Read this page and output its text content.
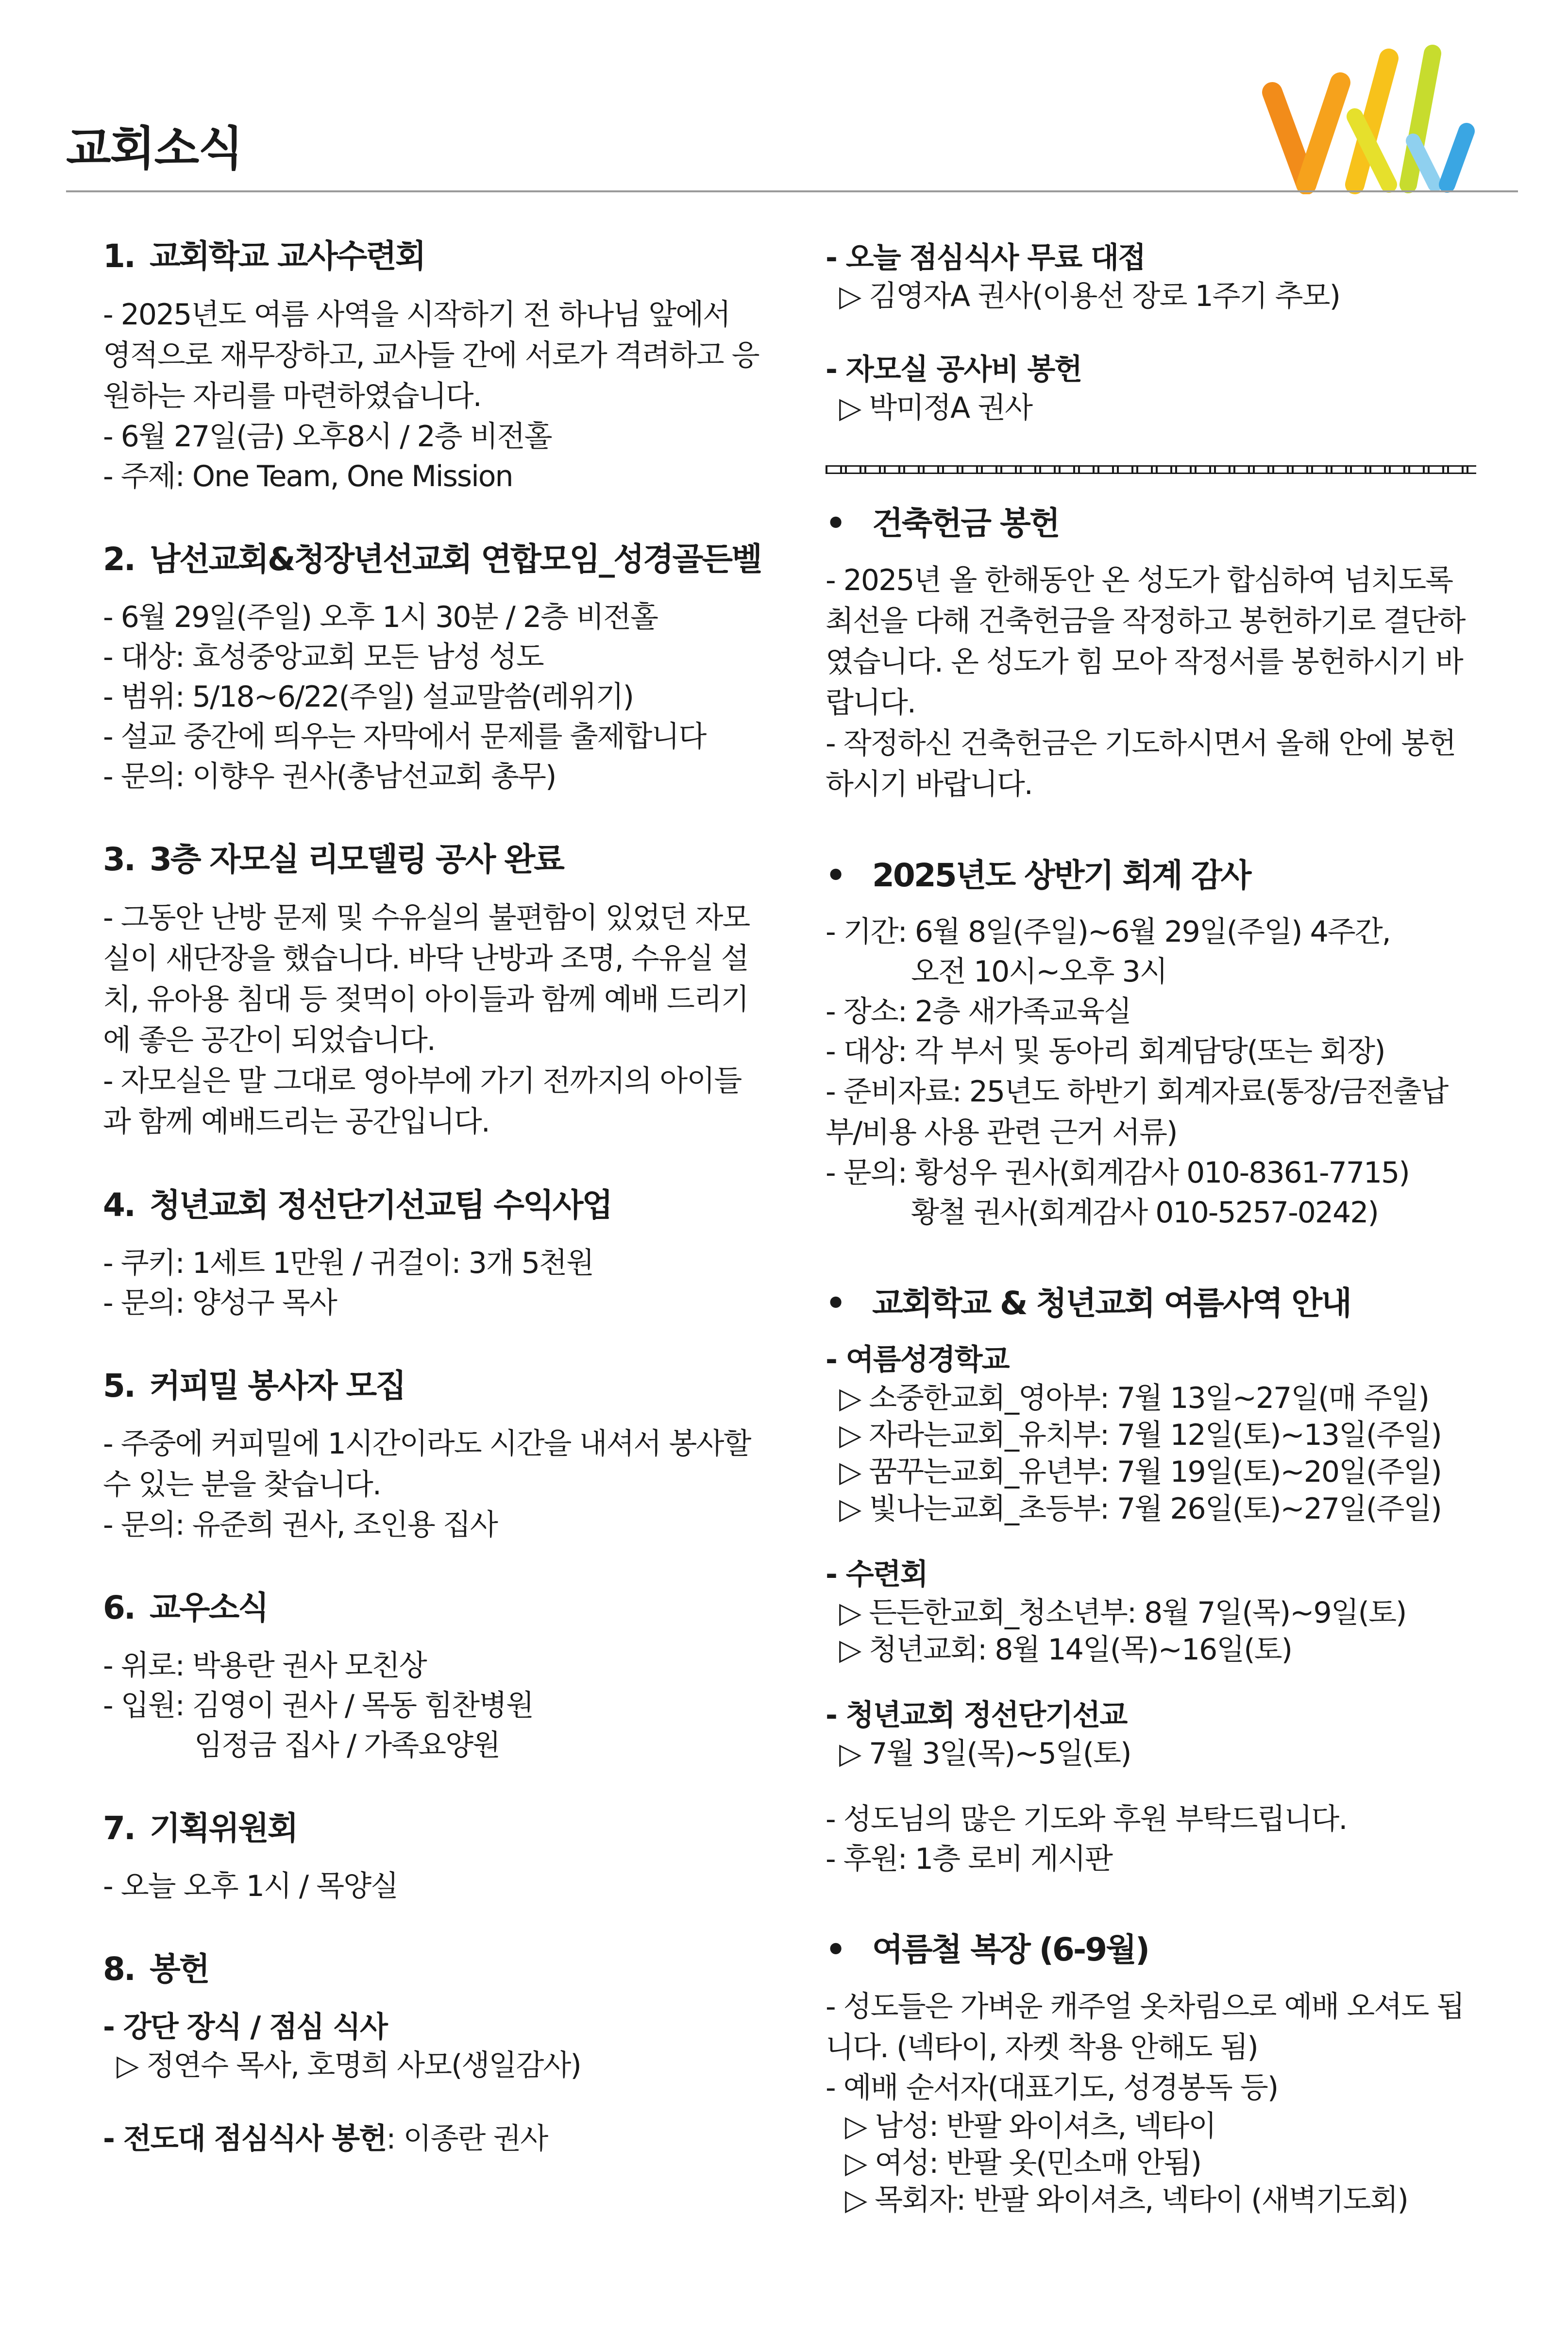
교회소식
1. 교회학교 교사수련회
- 2025년도 여름 사역을 시작하기 전 하나님 앞에서 영적으로 재무장하고, 교사들 간에 서로가 격려하고 응원하는 자리를 마련하였습니다.
- 6월 27일(금) 오후8시 / 2층 비전홀
- 주제: One Team, One Mission
2. 남선교회&청장년선교회 연합모임_성경골든벨
- 6월 29일(주일) 오후 1시 30분 / 2층 비전홀
- 대상: 효성중앙교회 모든 남성 성도
- 범위: 5/18~6/22(주일) 설교말씀(레위기)
- 설교 중간에 띄우는 자막에서 문제를 출제합니다
- 문의: 이향우 권사(총남선교회 총무)
3. 3층 자모실 리모델링 공사 완료
- 그동안 난방 문제 및 수유실의 불편함이 있었던 자모실이 새단장을 했습니다. 바닥 난방과 조명, 수유실 설치, 유아용 침대 등 젖먹이 아이들과 함께 예배 드리기에 좋은 공간이 되었습니다.
- 자모실은 말 그대로 영아부에 가기 전까지의 아이들과 함께 예배드리는 공간입니다.
4. 청년교회 정선단기선교팀 수익사업
- 쿠키: 1세트 1만원 / 귀걸이: 3개 5천원
- 문의: 양성구 목사
5. 커피밀 봉사자 모집
- 주중에 커피밀에 1시간이라도 시간을 내셔서 봉사할 수 있는 분을 찾습니다.
- 문의: 유준희 권사, 조인용 집사
6. 교우소식
- 위로: 박용란 권사 모친상
- 입원: 김영이 권사 / 목동 힘찬병원
임정금 집사 / 가족요양원
7. 기획위원회
- 오늘 오후 1시 / 목양실
8. 봉헌
- 강단 장식 / 점심 식사
▷ 정연수 목사, 호명희 사모(생일감사)
- 전도대 점심식사 봉헌: 이종란 권사
- 오늘 점심식사 무료 대접
▷ 김영자A 권사(이용선 장로 1주기 추모)
- 자모실 공사비 봉헌
▷ 박미정A 권사
• 건축헌금 봉헌
- 2025년 올 한해동안 온 성도가 합심하여 넘치도록 최선을 다해 건축헌금을 작정하고 봉헌하기로 결단하였습니다. 온 성도가 힘 모아 작정서를 봉헌하시기 바랍니다.
- 작정하신 건축헌금은 기도하시면서 올해 안에 봉헌하시기 바랍니다.
• 2025년도 상반기 회계 감사
- 기간: 6월 8일(주일)~6월 29일(주일) 4주간,
오전 10시~오후 3시
- 장소: 2층 새가족교육실
- 대상: 각 부서 및 동아리 회계담당(또는 회장)
- 준비자료: 25년도 하반기 회계자료(통장/금전출납부/비용 사용 관련 근거 서류)
- 문의: 황성우 권사(회계감사 010-8361-7715)
황철 권사(회계감사 010-5257-0242)
• 교회학교 & 청년교회 여름사역 안내
- 여름성경학교
▷ 소중한교회_영아부: 7월 13일~27일(매 주일)
▷ 자라는교회_유치부: 7월 12일(토)~13일(주일)
▷ 꿈꾸는교회_유년부: 7월 19일(토)~20일(주일)
▷ 빛나는교회_초등부: 7월 26일(토)~27일(주일)
- 수련회
▷ 든든한교회_청소년부: 8월 7일(목)~9일(토)
▷ 청년교회: 8월 14일(목)~16일(토)
- 청년교회 정선단기선교
▷ 7월 3일(목)~5일(토)
- 성도님의 많은 기도와 후원 부탁드립니다.
- 후원: 1층 로비 게시판
• 여름철 복장 (6-9월)
- 성도들은 가벼운 캐주얼 옷차림으로 예배 오셔도 됩니다. (넥타이, 자켓 착용 안해도 됨)
- 예배 순서자(대표기도, 성경봉독 등)
▷ 남성: 반팔 와이셔츠, 넥타이
▷ 여성: 반팔 옷(민소매 안됨)
▷ 목회자: 반팔 와이셔츠, 넥타이 (새벽기도회)
